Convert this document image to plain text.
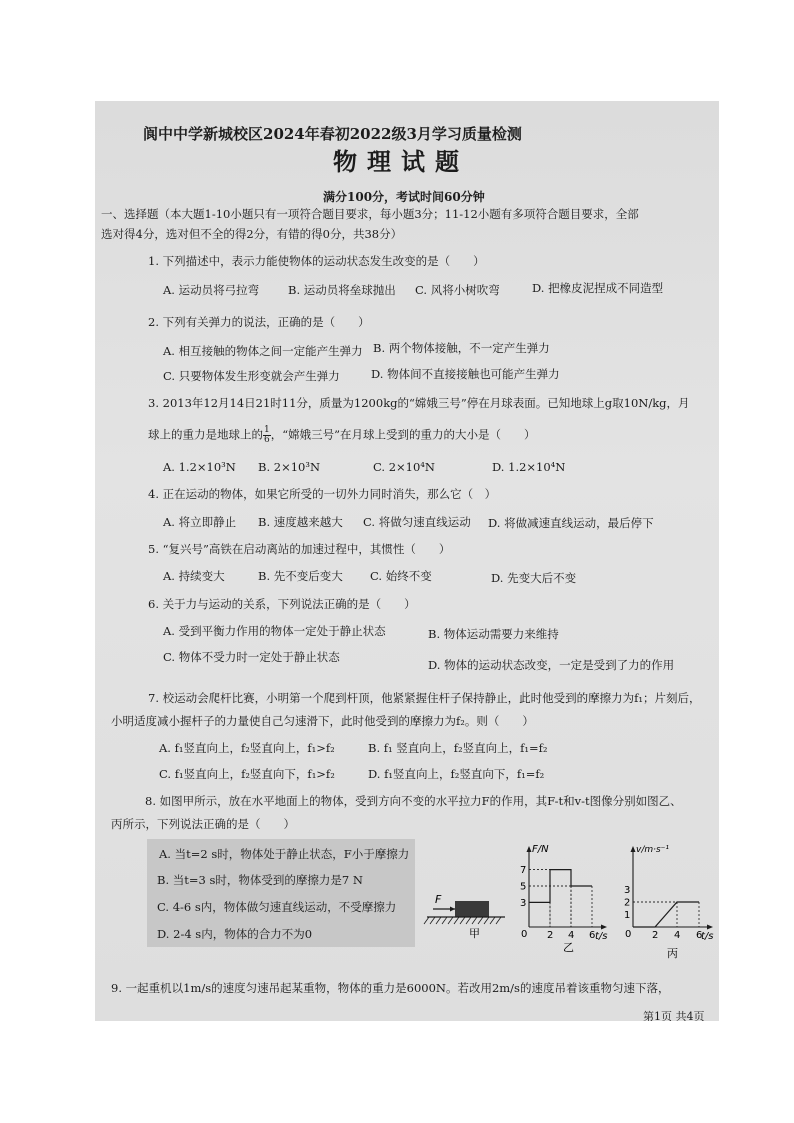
阆中中学新城校区2024年春初2022级3月学习质量检测
物理试题
满分100分，考试时间60分钟
一、选择题（本大题1-10小题只有一项符合题目要求，每小题3分；11-12小题有多项符合题目要求，全部
选对得4分，选对但不全的得2分，有错的得0分，共38分）
1. 下列描述中，表示力能使物体的运动状态发生改变的是（　　）
A. 运动员将弓拉弯	B. 运动员将垒球抛出 C. 风将小树吹弯	D. 把橡皮泥捏成不同造型
2. 下列有关弹力的说法，正确的是（　　）
A. 相互接触的物体之间一定能产生弹力 B. 两个物体接触，不一定产生弹力
C. 只要物体发生形变就会产生弹力	D. 物体间不直接接触也可能产生弹力
3. 2013年12月14日21时11分，质量为1200kg的“嫦娥三号”停在月球表面。已知地球上g取10N/kg，月
球上的重力是地球上的 $\frac{1}{6}$ ，“嫦娥三号”在月球上受到的重力的大小是（　　）
A. 1.2×10³N B. 2×10³N	C. 2×10⁴N	D. 1.2×10⁴N
4. 正在运动的物体，如果它所受的一切外力同时消失，那么它（　）
A. 将立即静止 B. 速度越来越大 C. 将做匀速直线运动 D. 将做减速直线运动，最后停下
5. “复兴号”高铁在启动离站的加速过程中，其惯性（　　）
A. 持续变大	B. 先不变后变大 C. 始终不变	D. 先变大后不变
6. 关于力与运动的关系，下列说法正确的是（　　）
A. 受到平衡力作用的物体一定处于静止状态	B. 物体运动需要力来维持
C. 物体不受力时一定处于静止状态
D. 物体的运动状态改变，一定是受到了力的作用
7. 校运动会爬杆比赛，小明第一个爬到杆顶，他紧紧握住杆子保持静止，此时他受到的摩擦力为f₁；片刻后，
小明适度减小握杆子的力量使自己匀速滑下，此时他受到的摩擦力为f₂。则（　　）
A. f₁竖直向上，f₂竖直向上，f₁>f₂	B. f₁ 竖直向上，f₂竖直向上，f₁=f₂
C. f₁竖直向上，f₂竖直向下，f₁>f₂	D. f₁竖直向上，f₂竖直向下，f₁=f₂
8. 如图甲所示，放在水平地面上的物体，受到方向不变的水平拉力F的作用，其F-t和v-t图像分别如图乙、
丙所示，下列说法正确的是（　　）
A. 当t=2 s时，物体处于静止状态，F小于摩擦力
B. 当t=3 s时，物体受到的摩擦力是7 N
C. 4-6 s内，物体做匀速直线运动，不受摩擦力
D. 2-4 s内，物体的合力不为0
F
甲
F/N
t/s
0 2 4 6
3
5
7
乙
v/m·s⁻¹
t/s
0 2 4 6
1
2
3
丙
9. 一起重机以1m/s的速度匀速吊起某重物，物体的重力是6000N。若改用2m/s的速度吊着该重物匀速下落，
第1页 共4页
